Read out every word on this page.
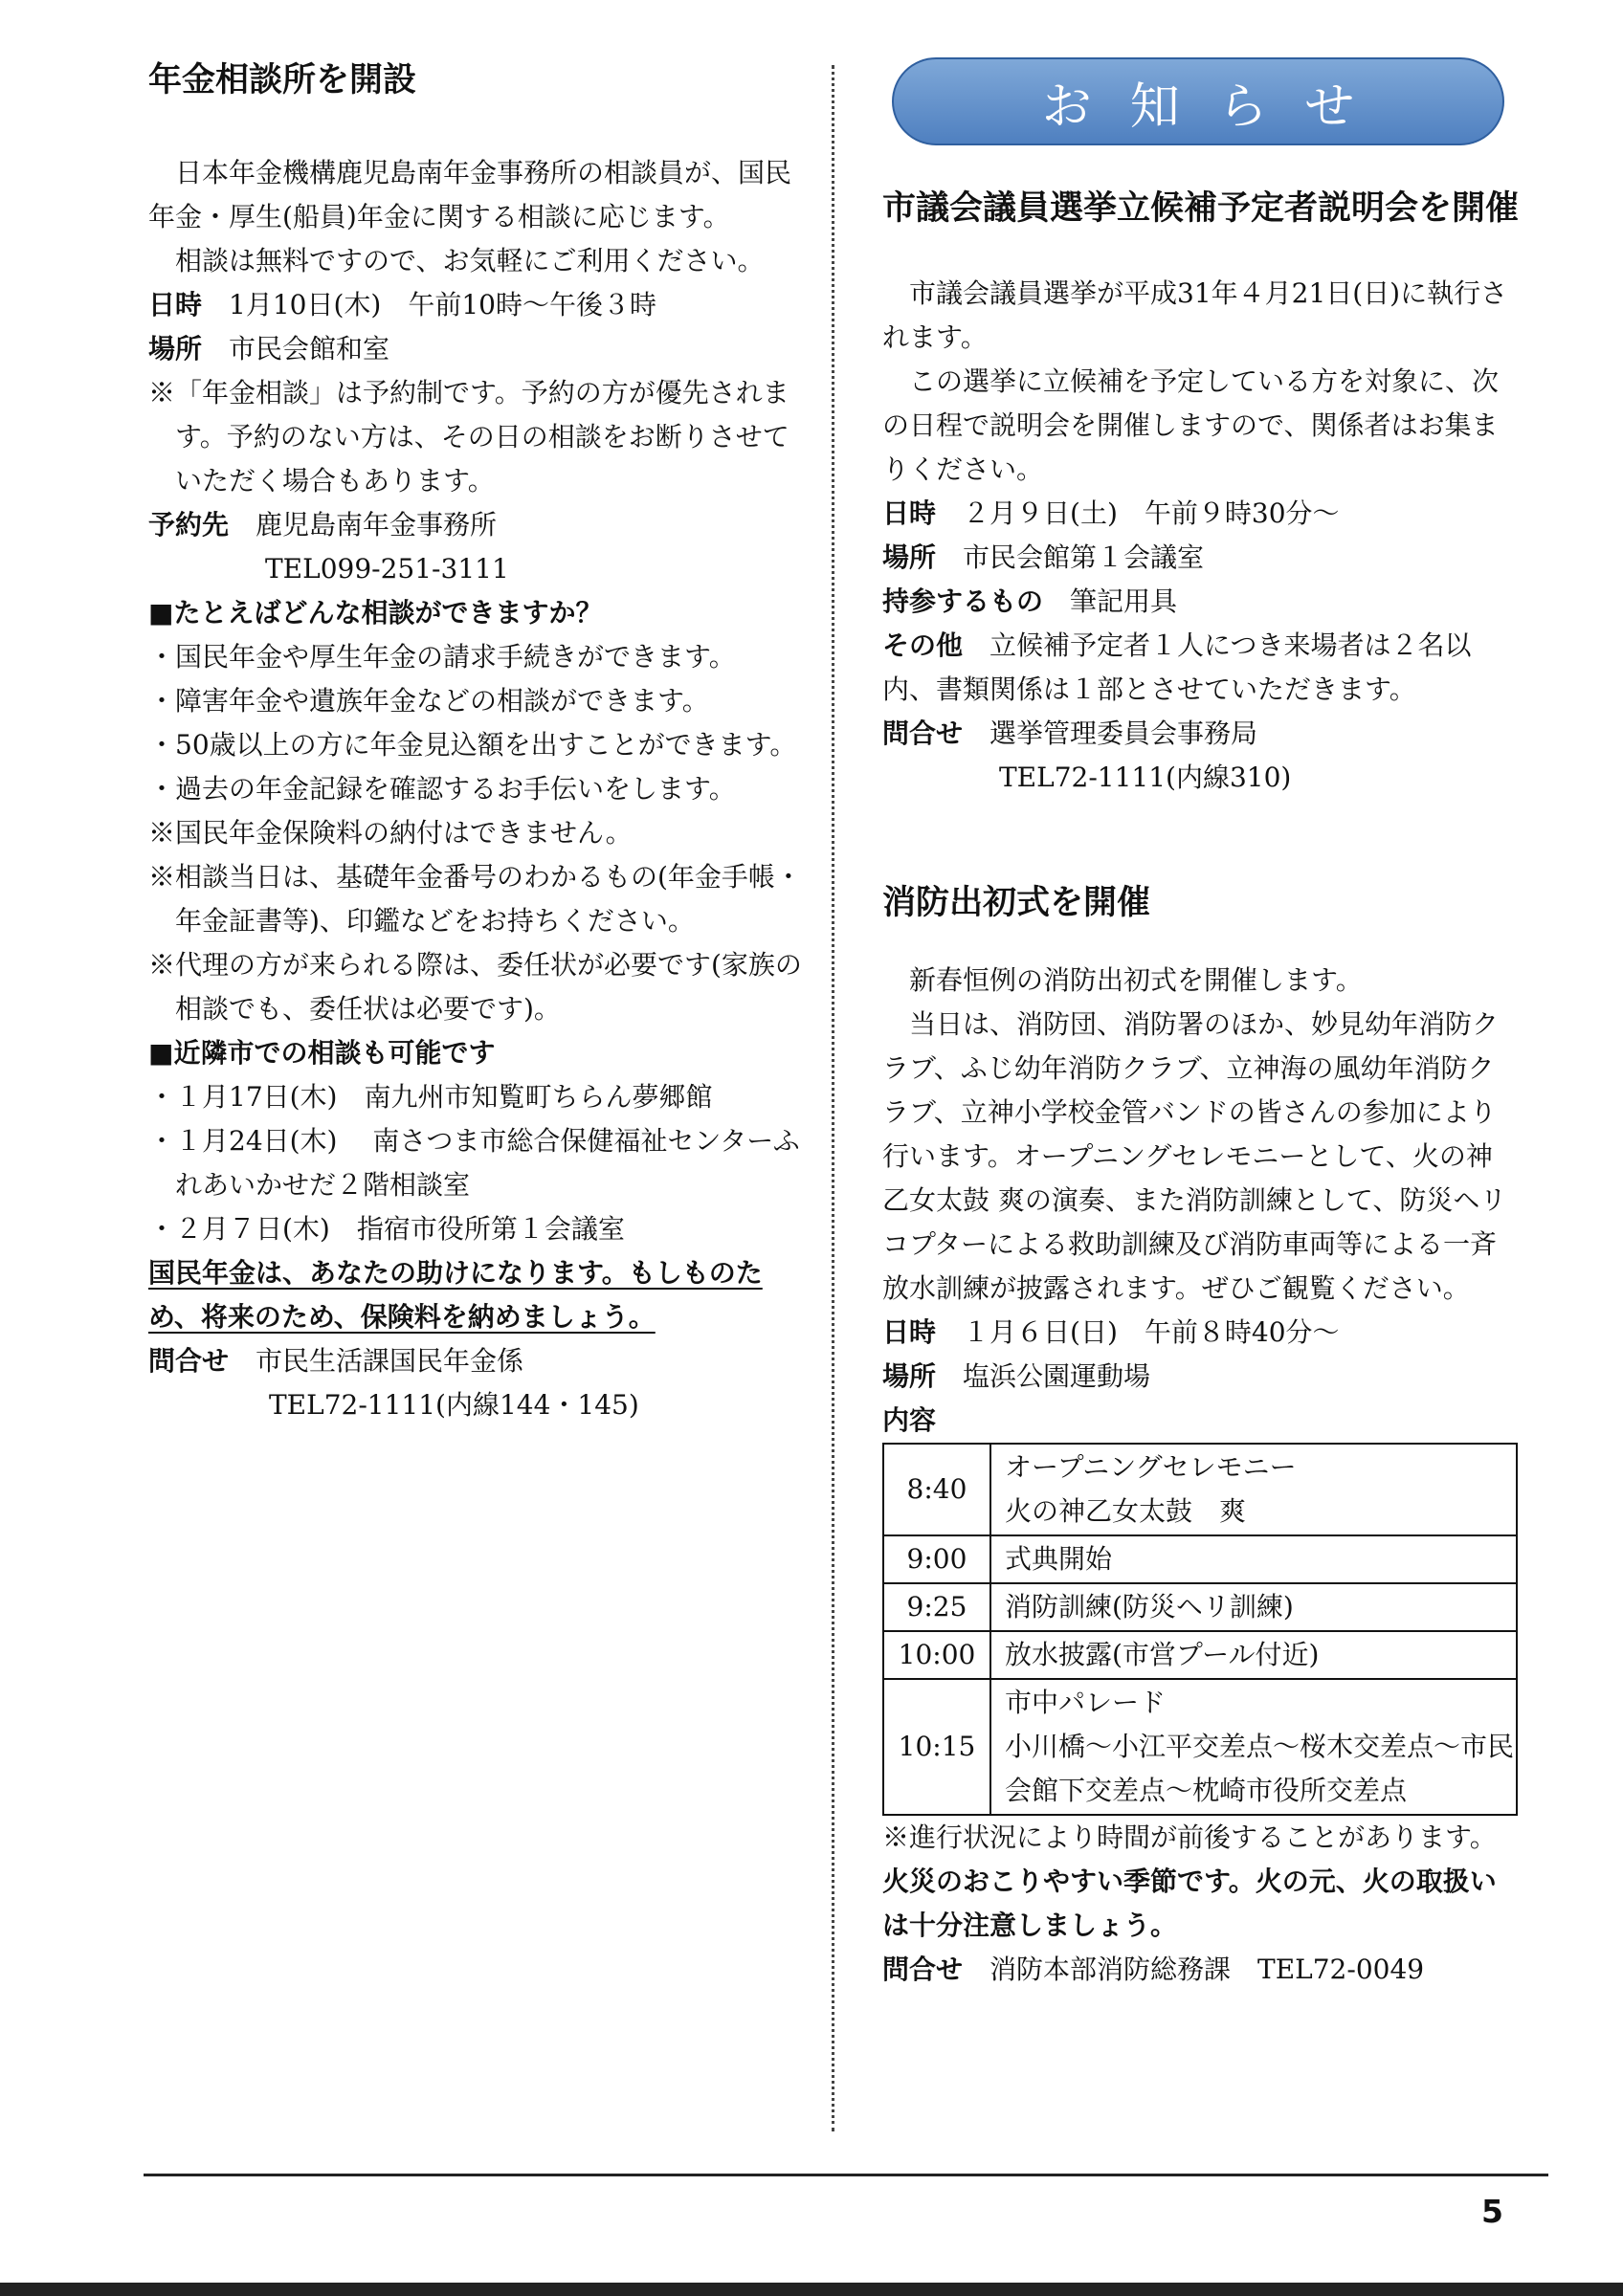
年金相談所を開設

日本年金機構鹿児島南年金事務所の相談員が、国民年金・厚生(船員)年金に関する相談に応じます。

相談は無料ですので、お気軽にご利用ください。

日時　 1月10日(木)　午前10時～午後３時

場所　 市民会館和室

※「年金相談」は予約制です。予約の方が優先されます。予約のない方は、その日の相談をお断りさせていただく場合もあります。

予約先　 鹿児島南年金事務所

TEL099-251-3111

■たとえばどんな相談ができますか？

・国民年金や厚生年金の請求手続きができます。

・障害年金や遺族年金などの相談ができます。

・50歳以上の方に年金見込額を出すことができます。

・過去の年金記録を確認するお手伝いをします。

※国民年金保険料の納付はできません。

※相談当日は、基礎年金番号のわかるもの(年金手帳・年金証書等)、印鑑などをお持ちください。

※代理の方が来られる際は、委任状が必要です(家族の相談でも、委任状は必要です)。

■近隣市での相談も可能です

・１月17日(木)　南九州市知覧町ちらん夢郷館

・１月24日(木)　 南さつま市総合保健福祉センターふれあいかせだ２階相談室

・２月７日(木)　指宿市役所第１会議室

国民年金は、あなたの助けになります。もしものため、将来のため、保険料を納めましょう。

問合せ　 市民生活課国民年金係

TEL72-1111(内線144・145)

お知らせ
市議会議員選挙立候補予定者説明会を開催

市議会議員選挙が平成31年４月21日(日)に執行されます。

この選挙に立候補を予定している方を対象に、次の日程で説明会を開催しますので、関係者はお集まりください。

日時　 ２月９日(土)　午前９時30分～

場所　 市民会館第１会議室

持参するもの　 筆記用具

その他　 立候補予定者１人につき来場者は２名以内、書類関係は１部とさせていただきます。

問合せ　 選挙管理委員会事務局

TEL72-1111(内線310)

消防出初式を開催

新春恒例の消防出初式を開催します。

当日は、消防団、消防署のほか、妙見幼年消防クラブ、ふじ幼年消防クラブ、立神海の風幼年消防クラブ、立神小学校金管バンドの皆さんの参加により行います。オープニングセレモニーとして、火の神乙女太鼓 爽の演奏、また消防訓練として、防災ヘリコプターによる救助訓練及び消防車両等による一斉放水訓練が披露されます。ぜひご観覧ください。

日時　 １月６日(日)　午前８時40分～

場所　 塩浜公園運動場

内容

8:40	オープニングセレモニー
火の神乙女太鼓　爽

9:00	式典開始
9:25	消防訓練(防災ヘリ訓練)
10:00	放水披露(市営プール付近)
10:15	市中パレード
小川橋～小江平交差点～桜木交差点～市民会館下交差点～枕崎市役所交差点

※進行状況により時間が前後することがあります。

火災のおこりやすい季節です。火の元、火の取扱いは十分注意しましょう。

問合せ　 消防本部消防総務課　TEL72-0049

5
